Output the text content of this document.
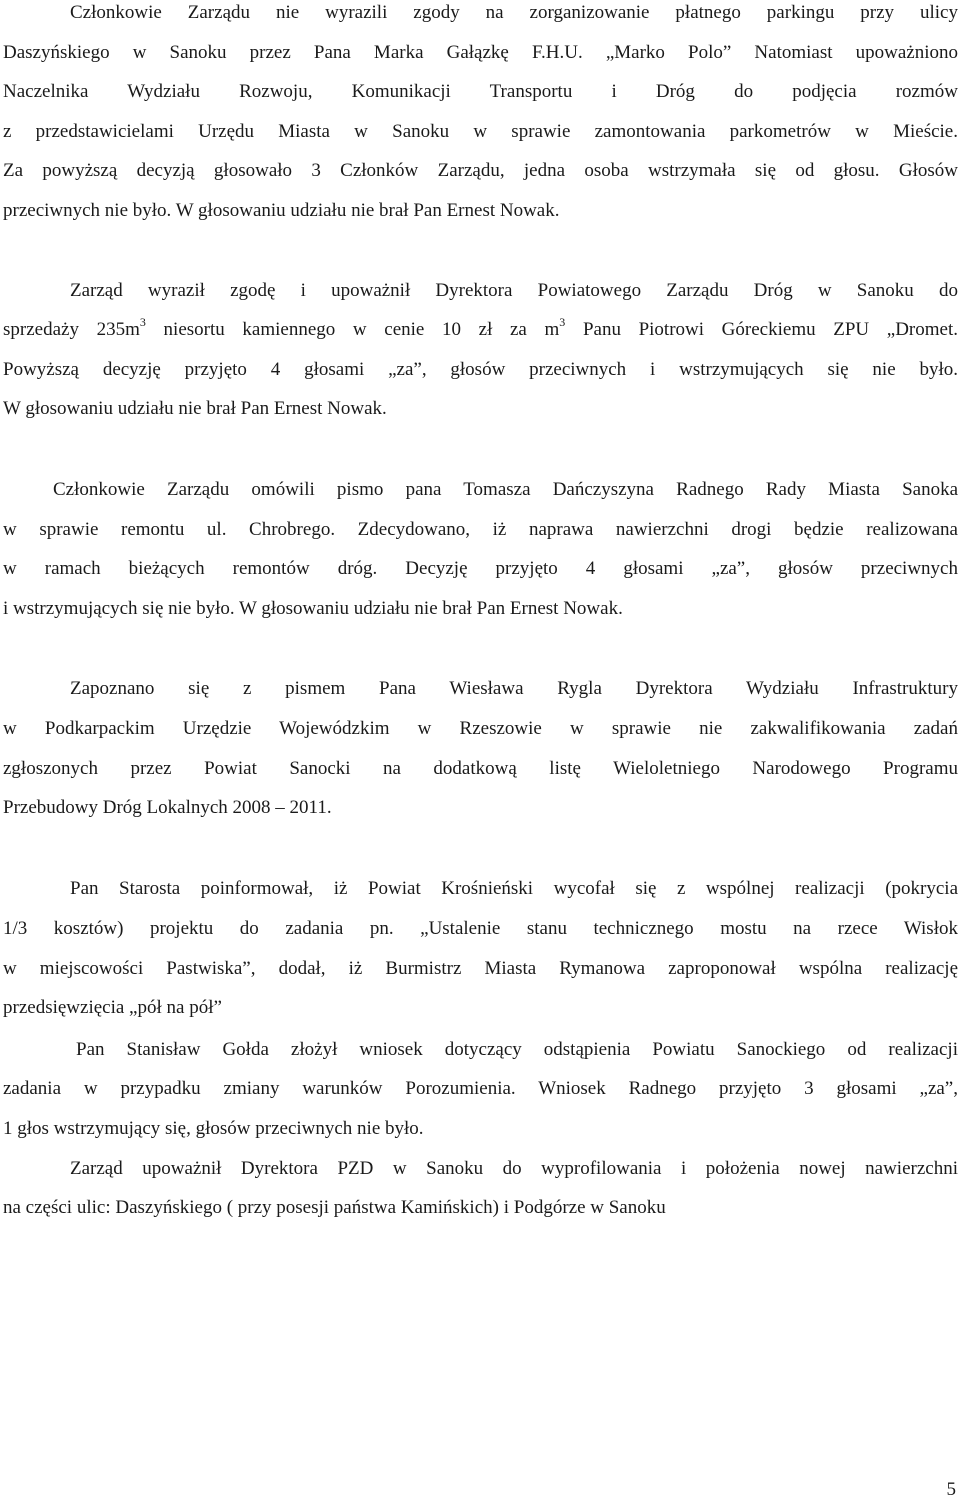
Członkowie Zarządu nie wyrazili zgody na zorganizowanie płatnego parkingu przy ulicy
Daszyńskiego w Sanoku przez Pana Marka Gałązkę F.H.U. „Marko Polo” Natomiast upoważniono
Naczelnika Wydziału Rozwoju, Komunikacji Transportu i Dróg do podjęcia rozmów
z przedstawicielami Urzędu Miasta w Sanoku w sprawie zamontowania parkometrów w Mieście.
Za powyższą decyzją głosowało 3 Członków Zarządu, jedna osoba wstrzymała się od głosu. Głosów
przeciwnych nie było. W głosowaniu udziału nie brał Pan Ernest Nowak.
Zarząd wyraził zgodę i upoważnił Dyrektora Powiatowego Zarządu Dróg w Sanoku do
sprzedaży $235m^3$ niesortu kamiennego w cenie 10 zł za $m^3$ Panu Piotrowi Góreckiemu ZPU „Dromet.
Powyższą decyzję przyjęto 4 głosami „za”, głosów przeciwnych i wstrzymujących się nie było.
W głosowaniu udziału nie brał Pan Ernest Nowak.
Członkowie Zarządu omówili pismo pana Tomasza Dańczyszyna Radnego Rady Miasta Sanoka
w sprawie remontu ul. Chrobrego. Zdecydowano, iż naprawa nawierzchni drogi będzie realizowana
w ramach bieżących remontów dróg. Decyzję przyjęto 4 głosami „za”, głosów przeciwnych
i wstrzymujących się nie było. W głosowaniu udziału nie brał Pan Ernest Nowak.
Zapoznano się z pismem Pana Wiesława Rygla Dyrektora Wydziału Infrastruktury
w Podkarpackim Urzędzie Wojewódzkim w Rzeszowie w sprawie nie zakwalifikowania zadań
zgłoszonych przez Powiat Sanocki na dodatkową listę Wieloletniego Narodowego Programu
Przebudowy Dróg Lokalnych 2008 – 2011.
Pan Starosta poinformował, iż Powiat Krośnieński wycofał się z wspólnej realizacji (pokrycia
1/3 kosztów) projektu do zadania pn. „Ustalenie stanu technicznego mostu na rzece Wisłok
w miejscowości Pastwiska”, dodał, iż Burmistrz Miasta Rymanowa zaproponował wspólna realizację
przedsięwzięcia „pół na pół”
Pan Stanisław Gołda złożył wniosek dotyczący odstąpienia Powiatu Sanockiego od realizacji
zadania w przypadku zmiany warunków Porozumienia. Wniosek Radnego przyjęto 3 głosami „za”,
1 głos wstrzymujący się, głosów przeciwnych nie było.
Zarząd upoważnił Dyrektora PZD w Sanoku do wyprofilowania i położenia nowej nawierzchni
na części ulic: Daszyńskiego ( przy posesji państwa Kamińskich) i Podgórze w Sanoku
5
